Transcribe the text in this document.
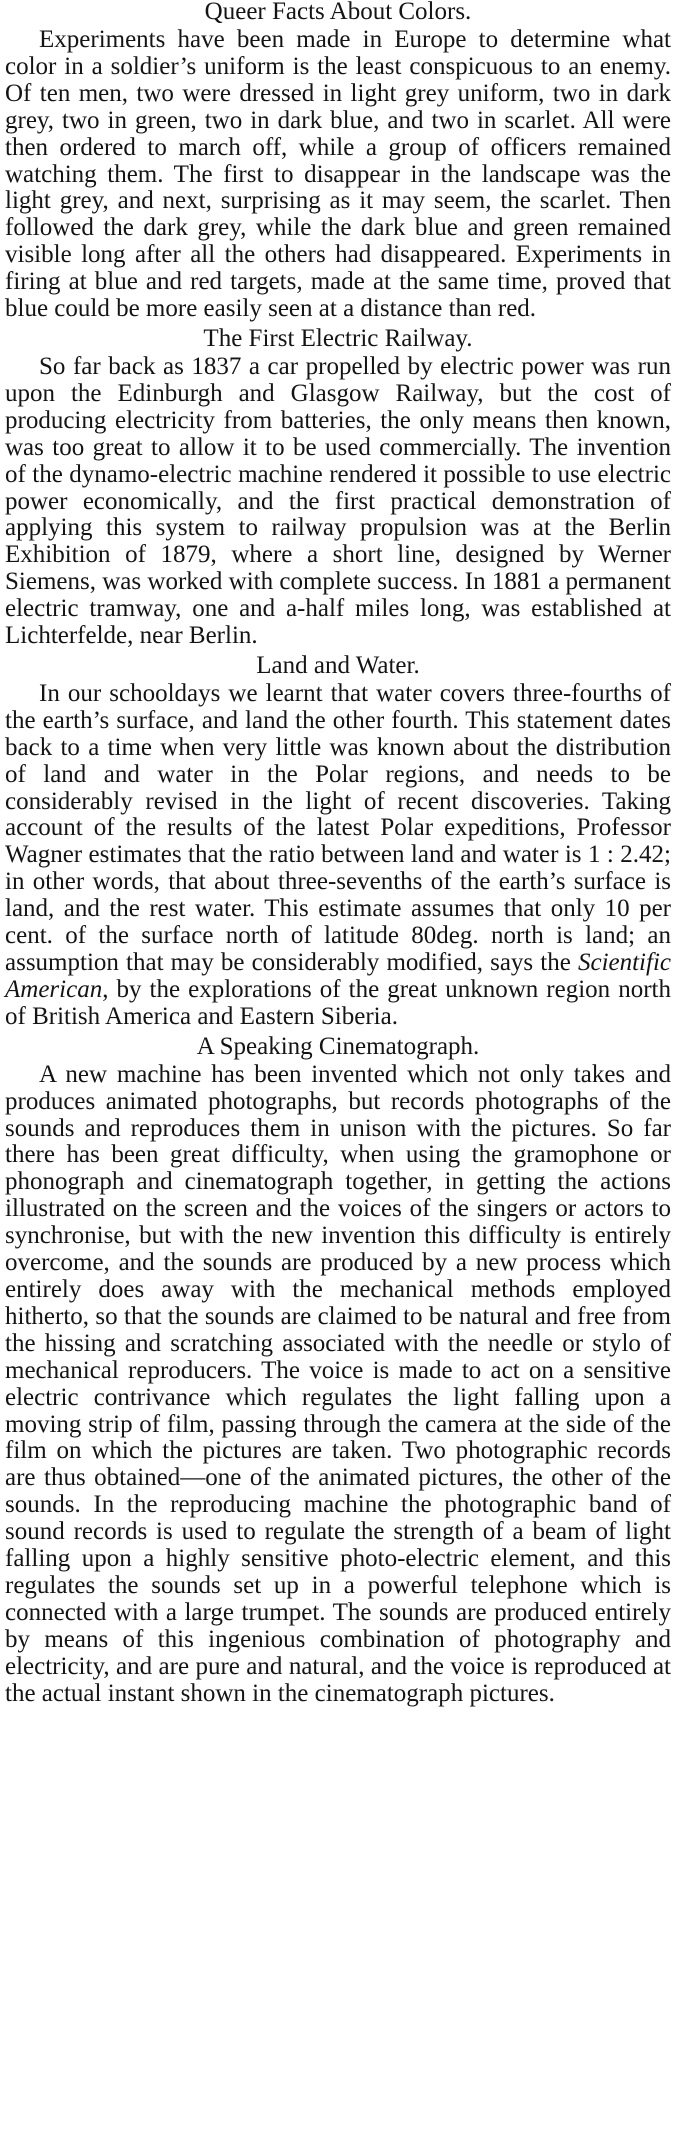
Queer Facts About Colors.

Experiments have been made in Europe to determine what color in a soldier’s uniform is the least conspicuous to an enemy. Of ten men, two were dressed in light grey uniform, two in dark grey, two in green, two in dark blue, and two in scarlet. All were then ordered to march off, while a group of officers remained watching them. The first to disappear in the landscape was the light grey, and next, surprising as it may seem, the scarlet. Then followed the dark grey, while the dark blue and green remained visible long after all the others had disappeared. Experiments in firing at blue and red targets, made at the same time, proved that blue could be more easily seen at a distance than red.

The First Electric Railway.

So far back as 1837 a car propelled by electric power was run upon the Edinburgh and Glasgow Railway, but the cost of producing electricity from batteries, the only means then known, was too great to allow it to be used commercially. The invention of the dynamo-electric machine rendered it possible to use electric power economically, and the first practical demonstration of applying this system to railway propulsion was at the Berlin Exhibition of 1879, where a short line, designed by Werner Siemens, was worked with complete success. In 1881 a permanent electric tramway, one and a-half miles long, was established at Lichterfelde, near Berlin.

Land and Water.

In our schooldays we learnt that water covers three-fourths of the earth’s surface, and land the other fourth. This statement dates back to a time when very little was known about the distribution of land and water in the Polar regions, and needs to be considerably revised in the light of recent discoveries. Taking account of the results of the latest Polar expeditions, Professor Wagner estimates that the ratio between land and water is 1 : 2.42; in other words, that about three-sevenths of the earth’s surface is land, and the rest water. This estimate assumes that only 10 per cent. of the surface north of latitude 80deg. north is land; an assumption that may be considerably modified, says the Scientific American, by the explorations of the great unknown region north of British America and Eastern Siberia.

A Speaking Cinematograph.

A new machine has been invented which not only takes and produces animated photographs, but records photographs of the sounds and reproduces them in unison with the pictures. So far there has been great difficulty, when using the gramophone or phonograph and cinematograph together, in getting the actions illustrated on the screen and the voices of the singers or actors to synchronise, but with the new invention this difficulty is entirely overcome, and the sounds are produced by a new process which entirely does away with the mechanical methods employed hitherto, so that the sounds are claimed to be natural and free from the hissing and scratching associated with the needle or stylo of mechanical reproducers. The voice is made to act on a sensitive electric contrivance which regulates the light falling upon a moving strip of film, passing through the camera at the side of the film on which the pictures are taken. Two photographic records are thus obtained—one of the animated pictures, the other of the sounds. In the reproducing machine the photographic band of sound records is used to regulate the strength of a beam of light falling upon a highly sensitive photo-electric element, and this regulates the sounds set up in a powerful telephone which is connected with a large trumpet. The sounds are produced entirely by means of this ingenious combination of photography and electricity, and are pure and natural, and the voice is reproduced at the actual instant shown in the cinematograph pictures.
